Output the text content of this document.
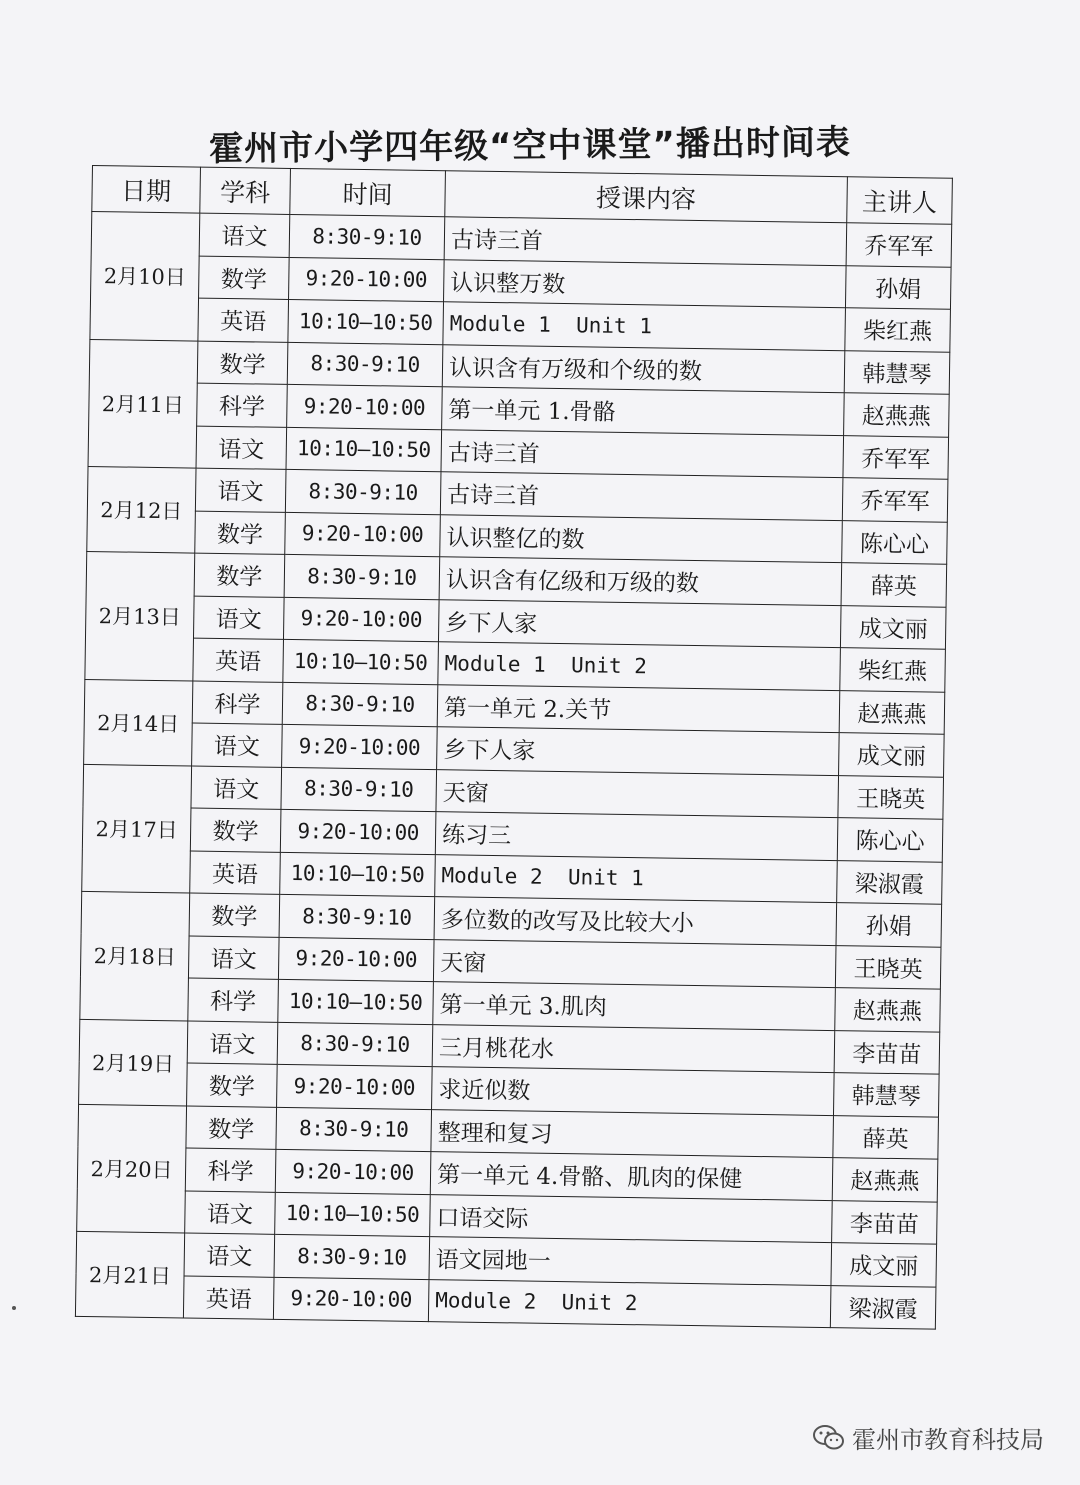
霍州市小学四年级“空中课堂”播出时间表
日期	学科	时间	授课内容	主讲人
2月10日	语文	8:30-9:10	古诗三首	乔军军
	数学	9:20-10:00	认识整万数	孙娟
	英语	10:10—10:50	Module 1  Unit 1	柴红燕
2月11日	数学	8:30-9:10	认识含有万级和个级的数	韩慧琴
	科学	9:20-10:00	第一单元 1.骨骼	赵燕燕
	语文	10:10—10:50	古诗三首	乔军军
2月12日	语文	8:30-9:10	古诗三首	乔军军
	数学	9:20-10:00	认识整亿的数	陈心心
2月13日	数学	8:30-9:10	认识含有亿级和万级的数	薛英
	语文	9:20-10:00	乡下人家	成文丽
	英语	10:10—10:50	Module 1  Unit 2	柴红燕
2月14日	科学	8:30-9:10	第一单元 2.关节	赵燕燕
	语文	9:20-10:00	乡下人家	成文丽
2月17日	语文	8:30-9:10	天窗	王晓英
	数学	9:20-10:00	练习三	陈心心
	英语	10:10—10:50	Module 2  Unit 1	梁淑霞
2月18日	数学	8:30-9:10	多位数的改写及比较大小	孙娟
	语文	9:20-10:00	天窗	王晓英
	科学	10:10—10:50	第一单元 3.肌肉	赵燕燕
2月19日	语文	8:30-9:10	三月桃花水	李苗苗
	数学	9:20-10:00	求近似数	韩慧琴
2月20日	数学	8:30-9:10	整理和复习	薛英
	科学	9:20-10:00	第一单元 4.骨骼、肌肉的保健	赵燕燕
	语文	10:10—10:50	口语交际	李苗苗
2月21日	语文	8:30-9:10	语文园地一	成文丽
	英语	9:20-10:00	Module 2  Unit 2	梁淑霞
霍州市教育科技局
